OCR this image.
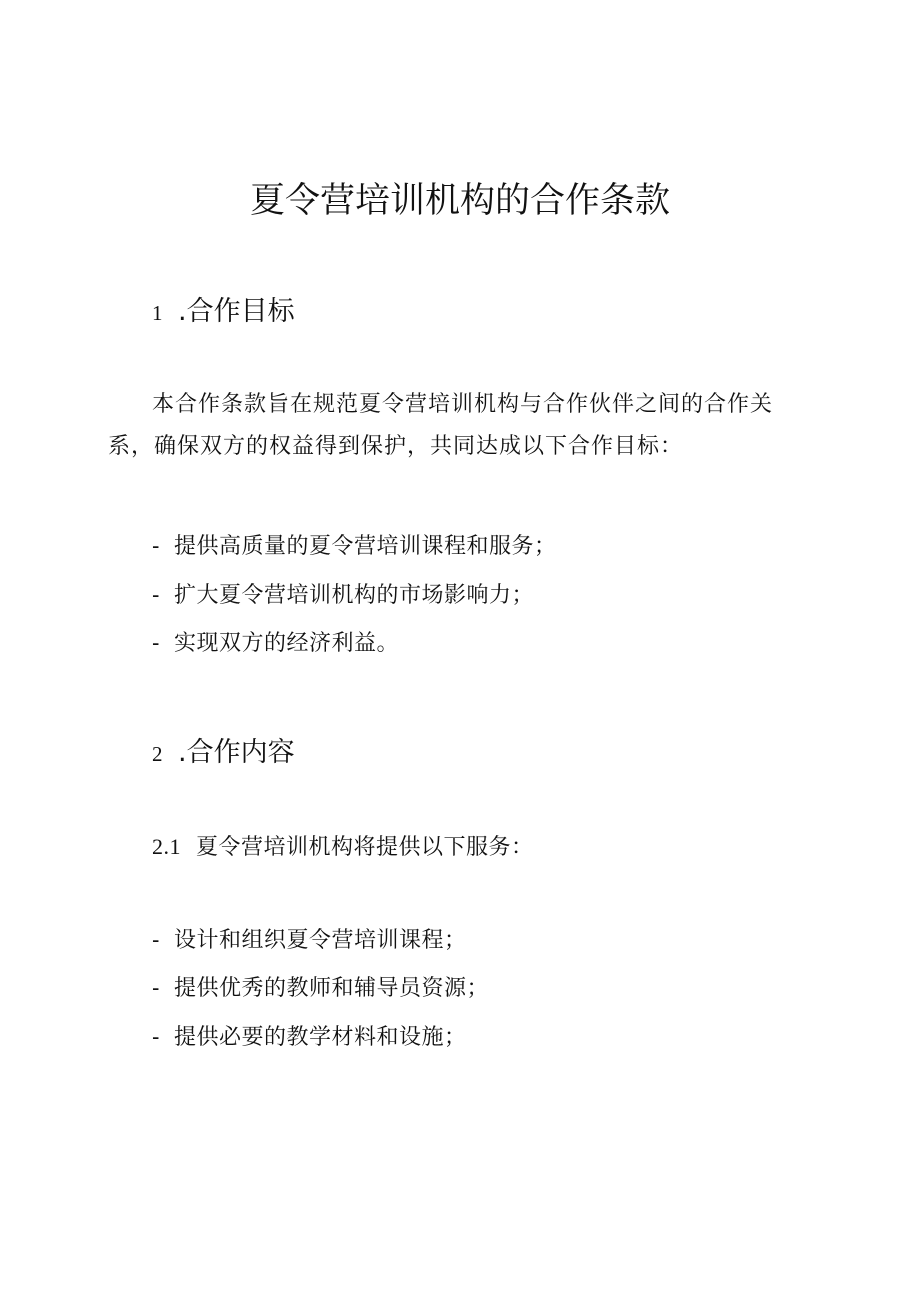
夏令营培训机构的合作条款
1 .合作目标

本合作条款旨在规范夏令营培训机构与合作伙伴之间的合作关系，确保双方的权益得到保护，共同达成以下合作目标：

- 提供高质量的夏令营培训课程和服务；

- 扩大夏令营培训机构的市场影响力；

- 实现双方的经济利益。

2 .合作内容

2.1 夏令营培训机构将提供以下服务：

- 设计和组织夏令营培训课程；

- 提供优秀的教师和辅导员资源；

- 提供必要的教学材料和设施；
